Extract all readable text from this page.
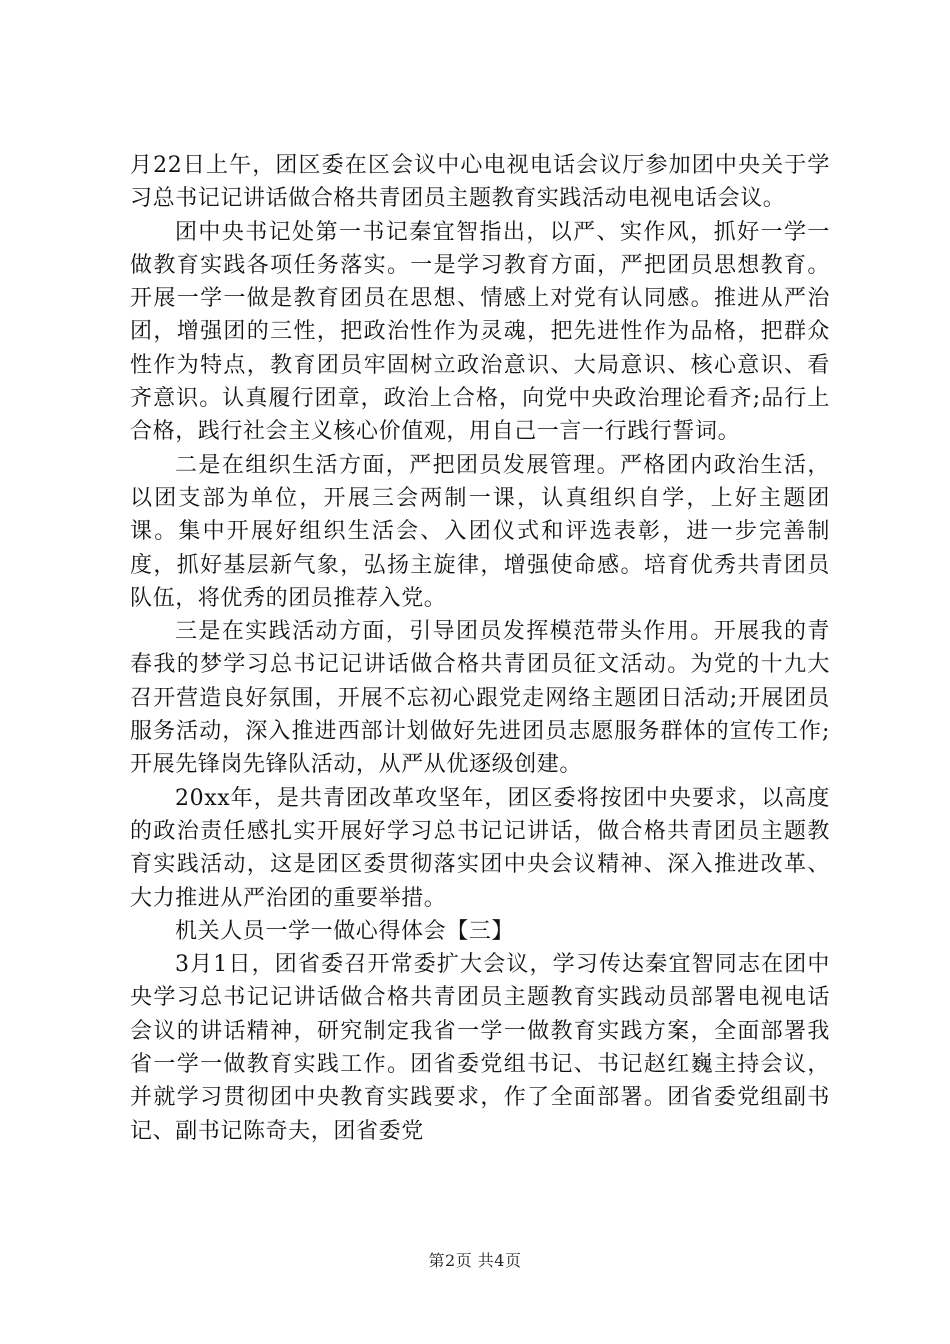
月22日上午，团区委在区会议中心电视电话会议厅参加团中央关于学习总书记记讲话做合格共青团员主题教育实践活动电视电话会议。

团中央书记处第一书记秦宜智指出，以严、实作风，抓好一学一做教育实践各项任务落实。一是学习教育方面，严把团员思想教育。开展一学一做是教育团员在思想、情感上对党有认同感。推进从严治团，增强团的三性，把政治性作为灵魂，把先进性作为品格，把群众性作为特点，教育团员牢固树立政治意识、大局意识、核心意识、看齐意识。认真履行团章，政治上合格，向党中央政治理论看齐;品行上合格，践行社会主义核心价值观，用自己一言一行践行誓词。

二是在组织生活方面，严把团员发展管理。严格团内政治生活，以团支部为单位，开展三会两制一课，认真组织自学，上好主题团课。集中开展好组织生活会、入团仪式和评选表彰，进一步完善制度，抓好基层新气象，弘扬主旋律，增强使命感。培育优秀共青团员队伍，将优秀的团员推荐入党。

三是在实践活动方面，引导团员发挥模范带头作用。开展我的青春我的梦学习总书记记讲话做合格共青团员征文活动。为党的十九大召开营造良好氛围，开展不忘初心跟党走网络主题团日活动;开展团员服务活动，深入推进西部计划做好先进团员志愿服务群体的宣传工作;开展先锋岗先锋队活动，从严从优逐级创建。

20xx年，是共青团改革攻坚年，团区委将按团中央要求，以高度的政治责任感扎实开展好学习总书记记讲话，做合格共青团员主题教育实践活动，这是团区委贯彻落实团中央会议精神、深入推进改革、大力推进从严治团的重要举措。

机关人员一学一做心得体会【三】

3月1日，团省委召开常委扩大会议，学习传达秦宜智同志在团中央学习总书记记讲话做合格共青团员主题教育实践动员部署电视电话会议的讲话精神，研究制定我省一学一做教育实践方案，全面部署我省一学一做教育实践工作。团省委党组书记、书记赵红巍主持会议，并就学习贯彻团中央教育实践要求，作了全面部署。团省委党组副书记、副书记陈奇夫，团省委党

第2页 共4页
